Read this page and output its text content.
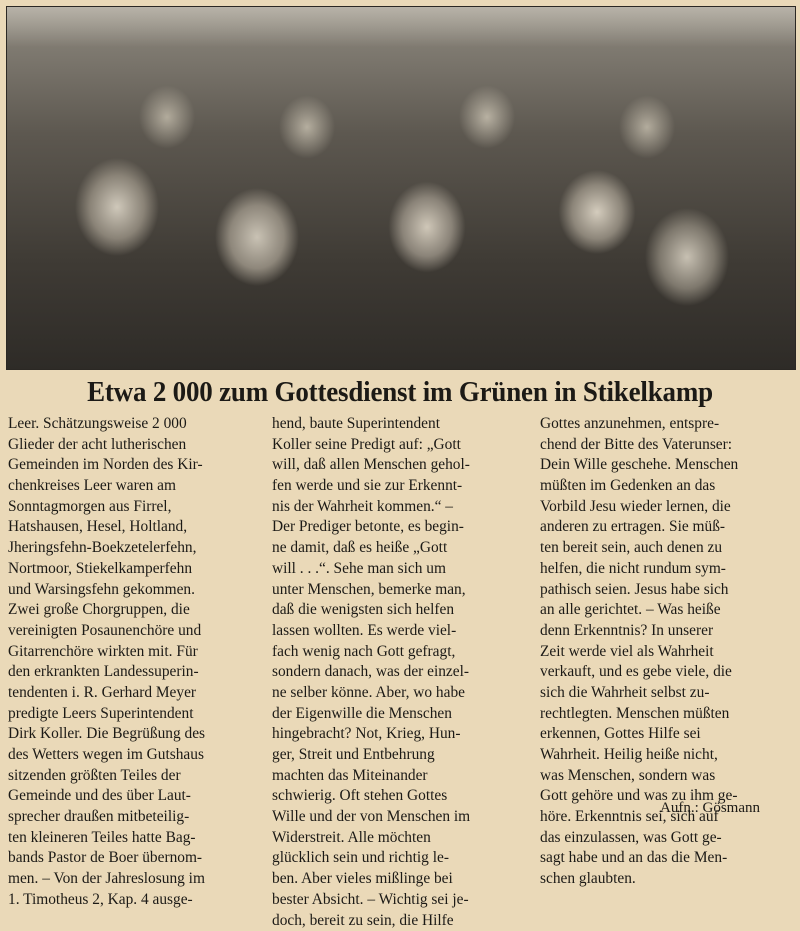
Etwa 2 000 zum Gottesdienst im Grünen in Stikelkamp
Leer. Schätzungsweise 2 000
Glieder der acht lutherischen
Gemeinden im Norden des Kir-
chenkreises Leer waren am
Sonntagmorgen aus Firrel,
Hatshausen, Hesel, Holtland,
Jheringsfehn-Boekzetelerfehn,
Nortmoor, Stiekelkamperfehn
und Warsingsfehn gekommen.
Zwei große Chorgruppen, die
vereinigten Posaunenchöre und
Gitarrenchöre wirkten mit. Für
den erkrankten Landessuperin-
tendenten i. R. Gerhard Meyer
predigte Leers Superintendent
Dirk Koller. Die Begrüßung des
des Wetters wegen im Gutshaus
sitzenden größten Teiles der
Gemeinde und des über Laut-
sprecher draußen mitbeteilig-
ten kleineren Teiles hatte Bag-
bands Pastor de Boer übernom-
men. – Von der Jahreslosung im
1. Timotheus 2, Kap. 4 ausge-
hend, baute Superintendent
Koller seine Predigt auf: „Gott
will, daß allen Menschen gehol-
fen werde und sie zur Erkennt-
nis der Wahrheit kommen.“ –
Der Prediger betonte, es begin-
ne damit, daß es heiße „Gott
will . . .“. Sehe man sich um
unter Menschen, bemerke man,
daß die wenigsten sich helfen
lassen wollten. Es werde viel-
fach wenig nach Gott gefragt,
sondern danach, was der einzel-
ne selber könne. Aber, wo habe
der Eigenwille die Menschen
hingebracht? Not, Krieg, Hun-
ger, Streit und Entbehrung
machten das Miteinander
schwierig. Oft stehen Gottes
Wille und der von Menschen im
Widerstreit. Alle möchten
glücklich sein und richtig le-
ben. Aber vieles mißlinge bei
bester Absicht. – Wichtig sei je-
doch, bereit zu sein, die Hilfe
Gottes anzunehmen, entspre-
chend der Bitte des Vaterunser:
Dein Wille geschehe. Menschen
müßten im Gedenken an das
Vorbild Jesu wieder lernen, die
anderen zu ertragen. Sie müß-
ten bereit sein, auch denen zu
helfen, die nicht rundum sym-
pathisch seien. Jesus habe sich
an alle gerichtet. – Was heiße
denn Erkenntnis? In unserer
Zeit werde viel als Wahrheit
verkauft, und es gebe viele, die
sich die Wahrheit selbst zu-
rechtlegten. Menschen müßten
erkennen, Gottes Hilfe sei
Wahrheit. Heilig heiße nicht,
was Menschen, sondern was
Gott gehöre und was zu ihm ge-
höre. Erkenntnis sei, sich auf
das einzulassen, was Gott ge-
sagt habe und an das die Men-
schen glaubten.
Aufn.: Gösmann
